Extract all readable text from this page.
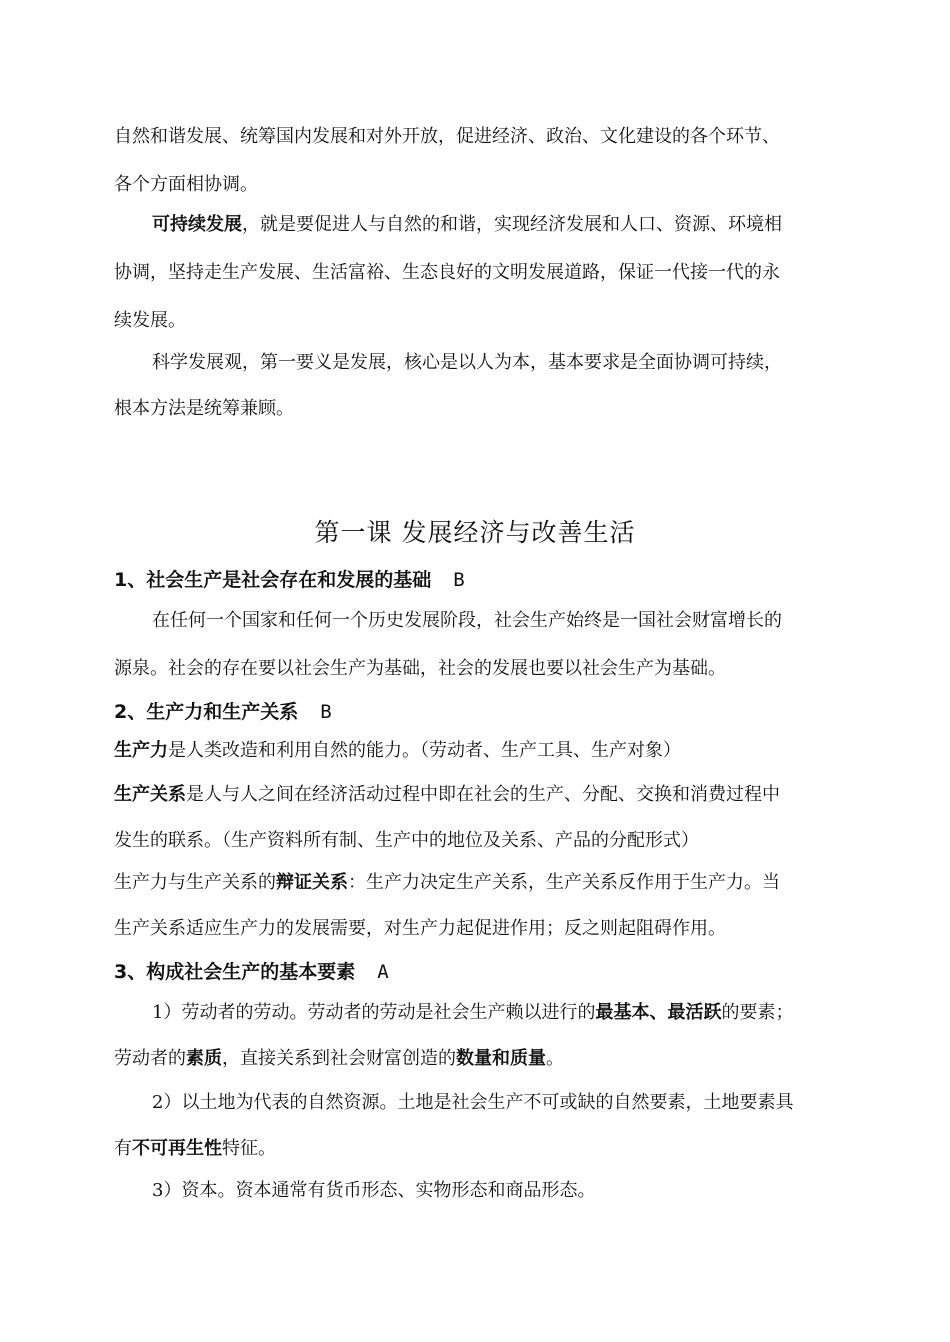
自然和谐发展、统筹国内发展和对外开放，促进经济、政治、文化建设的各个环节、
各个方面相协调。
可持续发展，就是要促进人与自然的和谐，实现经济发展和人口、资源、环境相
协调，坚持走生产发展、生活富裕、生态良好的文明发展道路，保证一代接一代的永
续发展。
科学发展观，第一要义是发展，核心是以人为本，基本要求是全面协调可持续，
根本方法是统筹兼顾。
第一课 发展经济与改善生活
1、社会生产是社会存在和发展的基础 B
在任何一个国家和任何一个历史发展阶段，社会生产始终是一国社会财富增长的
源泉。社会的存在要以社会生产为基础，社会的发展也要以社会生产为基础。
2、生产力和生产关系 B
生产力是人类改造和利用自然的能力。（劳动者、生产工具、生产对象）
生产关系是人与人之间在经济活动过程中即在社会的生产、分配、交换和消费过程中
发生的联系。（生产资料所有制、生产中的地位及关系、产品的分配形式）
生产力与生产关系的辩证关系：生产力决定生产关系，生产关系反作用于生产力。当
生产关系适应生产力的发展需要，对生产力起促进作用；反之则起阻碍作用。
3、构成社会生产的基本要素 A
1）劳动者的劳动。劳动者的劳动是社会生产赖以进行的最基本、最活跃的要素；
劳动者的素质，直接关系到社会财富创造的数量和质量。
2）以土地为代表的自然资源。土地是社会生产不可或缺的自然要素，土地要素具
有不可再生性特征。
3）资本。资本通常有货币形态、实物形态和商品形态。
